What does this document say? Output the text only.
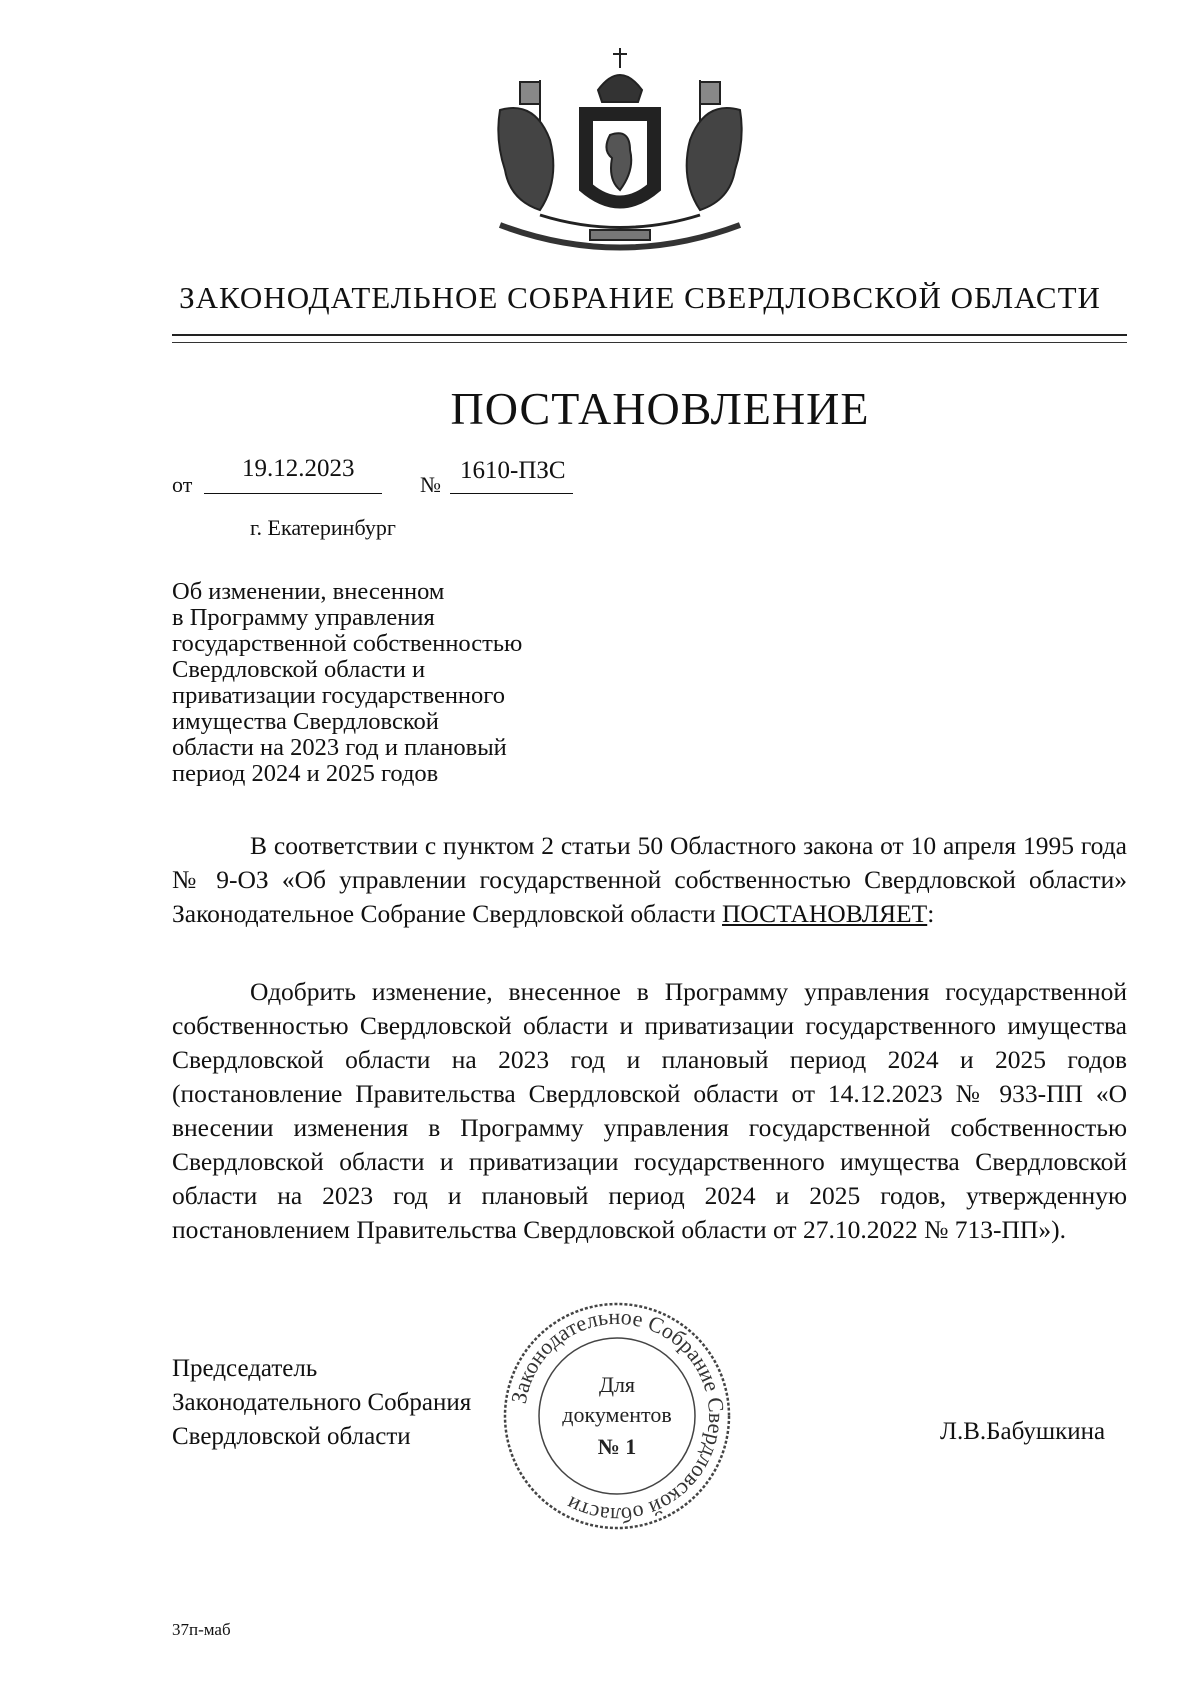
ЗАКОНОДАТЕЛЬНОЕ СОБРАНИЕ СВЕРДЛОВСКОЙ ОБЛАСТИ
ПОСТАНОВЛЕНИЕ
от
19.12.2023
№
1610-ПЗС
г. Екатеринбург
Об изменении, внесенном
в Программу управления
государственной собственностью
Свердловской области и
приватизации государственного
имущества Свердловской
области на 2023 год и плановый
период 2024 и 2025 годов
В соответствии с пунктом 2 статьи 50 Областного закона от 10 апреля 1995 года № 9-ОЗ «Об управлении государственной собственностью Свердловской области» Законодательное Собрание Свердловской области ПОСТАНОВЛЯЕТ:
Одобрить изменение, внесенное в Программу управления государственной собственностью Свердловской области и приватизации государственного имущества Свердловской области на 2023 год и плановый период 2024 и 2025 годов (постановление Правительства Свердловской области от 14.12.2023 № 933-ПП «О внесении изменения в Программу управления государственной собственностью Свердловской области и приватизации государственного имущества Свердловской области на 2023 год и плановый период 2024 и 2025 годов, утвержденную постановлением Правительства Свердловской области от 27.10.2022 № 713-ПП»).
Председатель
Законодательного Собрания
Свердловской области
Законодательное Собрание Свердловской области
Для
документов
№ 1
Л.В.Бабушкина
37п-маб
